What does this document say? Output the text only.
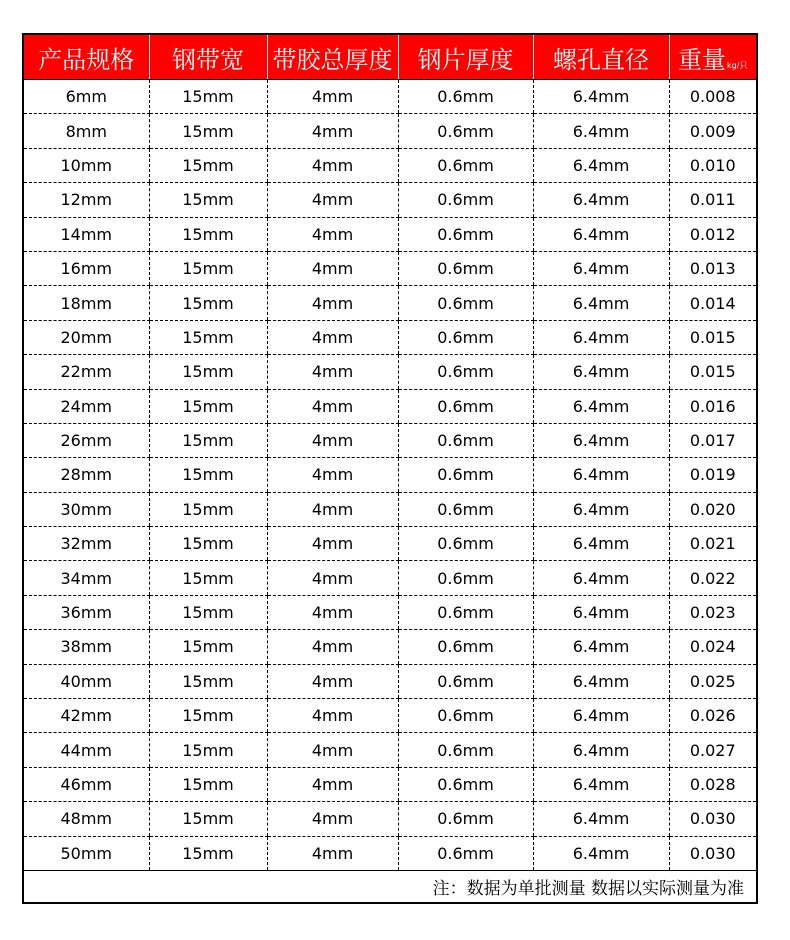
产品规格	钢带宽	带胶总厚度	钢片厚度	螺孔直径	重量kg/只
6mm	15mm	4mm	0.6mm	6.4mm	0.008
8mm	15mm	4mm	0.6mm	6.4mm	0.009
10mm	15mm	4mm	0.6mm	6.4mm	0.010
12mm	15mm	4mm	0.6mm	6.4mm	0.011
14mm	15mm	4mm	0.6mm	6.4mm	0.012
16mm	15mm	4mm	0.6mm	6.4mm	0.013
18mm	15mm	4mm	0.6mm	6.4mm	0.014
20mm	15mm	4mm	0.6mm	6.4mm	0.015
22mm	15mm	4mm	0.6mm	6.4mm	0.015
24mm	15mm	4mm	0.6mm	6.4mm	0.016
26mm	15mm	4mm	0.6mm	6.4mm	0.017
28mm	15mm	4mm	0.6mm	6.4mm	0.019
30mm	15mm	4mm	0.6mm	6.4mm	0.020
32mm	15mm	4mm	0.6mm	6.4mm	0.021
34mm	15mm	4mm	0.6mm	6.4mm	0.022
36mm	15mm	4mm	0.6mm	6.4mm	0.023
38mm	15mm	4mm	0.6mm	6.4mm	0.024
40mm	15mm	4mm	0.6mm	6.4mm	0.025
42mm	15mm	4mm	0.6mm	6.4mm	0.026
44mm	15mm	4mm	0.6mm	6.4mm	0.027
46mm	15mm	4mm	0.6mm	6.4mm	0.028
48mm	15mm	4mm	0.6mm	6.4mm	0.030
50mm	15mm	4mm	0.6mm	6.4mm	0.030
注：数据为单批测量 数据以实际测量为准					
